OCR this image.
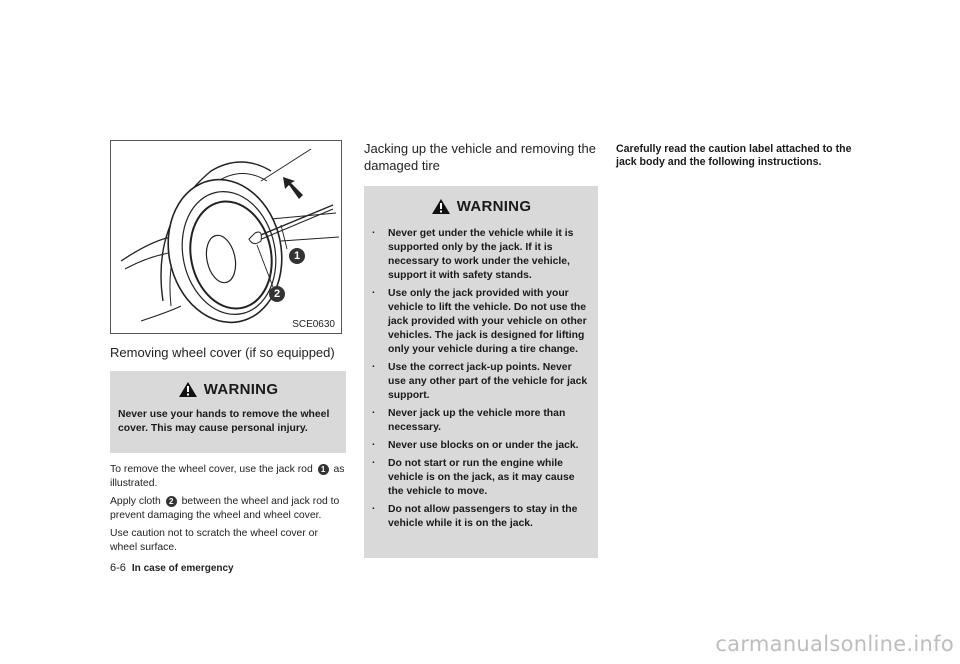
1
2
SCE0630
Removing wheel cover (if so equipped)
WARNING
Never use your hands to remove the wheel cover. This may cause personal injury.

To remove the wheel cover, use the jack rod 1 as illustrated.

Apply cloth 2 between the wheel and jack rod to prevent damaging the wheel and wheel cover.

Use caution not to scratch the wheel cover or wheel surface.

Jacking up the vehicle and removing the damaged tire
WARNING
. Never get under the vehicle while it is supported only by the jack. If it is necessary to work under the vehicle, support it with safety stands.
. Use only the jack provided with your vehicle to lift the vehicle. Do not use the jack provided with your vehicle on other vehicles. The jack is designed for lifting only your vehicle during a tire change.
. Use the correct jack-up points. Never use any other part of the vehicle for jack support.
. Never jack up the vehicle more than necessary.
. Never use blocks on or under the jack.
. Do not start or run the engine while vehicle is on the jack, as it may cause the vehicle to move.
. Do not allow passengers to stay in the vehicle while it is on the jack.

Carefully read the caution label attached to the jack body and the following instructions.

6-6 In case of emergency
carmanualsonline.info
